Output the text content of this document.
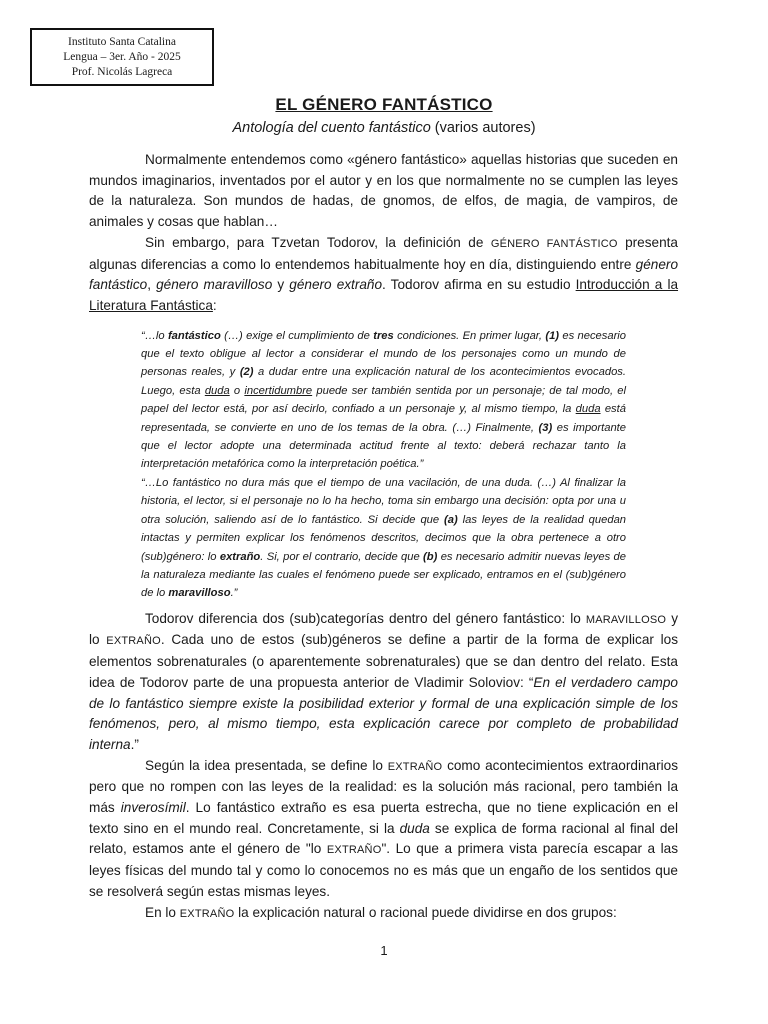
Instituto Santa Catalina
Lengua – 3er. Año - 2025
Prof. Nicolás Lagreca
EL GÉNERO FANTÁSTICO
Antología del cuento fantástico (varios autores)

Normalmente entendemos como «género fantástico» aquellas historias que suceden en mundos imaginarios, inventados por el autor y en los que normalmente no se cumplen las leyes de la naturaleza. Son mundos de hadas, de gnomos, de elfos, de magia, de vampiros, de animales y cosas que hablan…

Sin embargo, para Tzvetan Todorov, la definición de GÉNERO FANTÁSTICO presenta algunas diferencias a como lo entendemos habitualmente hoy en día, distinguiendo entre género fantástico, género maravilloso y género extraño. Todorov afirma en su estudio Introducción a la Literatura Fantástica:

“…lo fantástico (…) exige el cumplimiento de tres condiciones. En primer lugar, (1) es necesario que el texto obligue al lector a considerar el mundo de los personajes como un mundo de personas reales, y (2) a dudar entre una explicación natural de los acontecimientos evocados. Luego, esta duda o incertidumbre puede ser también sentida por un personaje; de tal modo, el papel del lector está, por así decirlo, confiado a un personaje y, al mismo tiempo, la duda está representada, se convierte en uno de los temas de la obra. (…) Finalmente, (3) es importante que el lector adopte una determinada actitud frente al texto: deberá rechazar tanto la interpretación metafórica como la interpretación poética.”

“…Lo fantástico no dura más que el tiempo de una vacilación, de una duda. (…) Al finalizar la historia, el lector, si el personaje no lo ha hecho, toma sin embargo una decisión: opta por una u otra solución, saliendo así de lo fantástico. Si decide que (a) las leyes de la realidad quedan intactas y permiten explicar los fenómenos descritos, decimos que la obra pertenece a otro (sub)género: lo extraño. Si, por el contrario, decide que (b) es necesario admitir nuevas leyes de la naturaleza mediante las cuales el fenómeno puede ser explicado, entramos en el (sub)género de lo maravilloso.”

Todorov diferencia dos (sub)categorías dentro del género fantástico: lo MARAVILLOSO y lo EXTRAÑO. Cada uno de estos (sub)géneros se define a partir de la forma de explicar los elementos sobrenaturales (o aparentemente sobrenaturales) que se dan dentro del relato. Esta idea de Todorov parte de una propuesta anterior de Vladimir Soloviov: “En el verdadero campo de lo fantástico siempre existe la posibilidad exterior y formal de una explicación simple de los fenómenos, pero, al mismo tiempo, esta explicación carece por completo de probabilidad interna.”

Según la idea presentada, se define lo EXTRAÑO como acontecimientos extraordinarios pero que no rompen con las leyes de la realidad: es la solución más racional, pero también la más inverosímil. Lo fantástico extraño es esa puerta estrecha, que no tiene explicación en el texto sino en el mundo real. Concretamente, si la duda se explica de forma racional al final del relato, estamos ante el género de "lo EXTRAÑO". Lo que a primera vista parecía escapar a las leyes físicas del mundo tal y como lo conocemos no es más que un engaño de los sentidos que se resolverá según estas mismas leyes.

En lo EXTRAÑO la explicación natural o racional puede dividirse en dos grupos:

1
